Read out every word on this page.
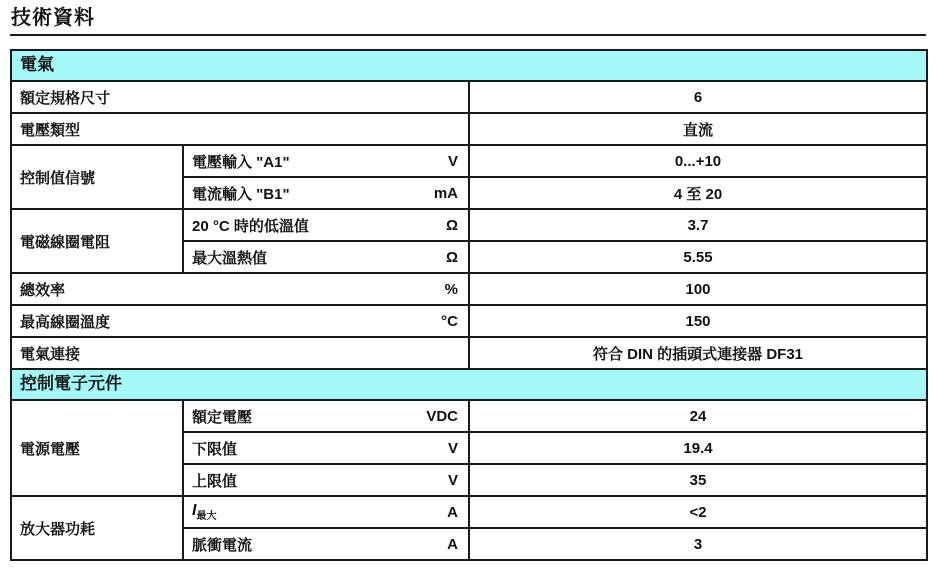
技術資料
電氣
額定規格尺寸	6
電壓類型	直流
控制值信號
電壓輸入 "A1"	V	0...+10
電流輸入 "B1"	mA	4 至 20
電磁線圈電阻
20 °C 時的低溫值	Ω	3.7
最大溫熱值	Ω	5.55
總效率	%	100
最高線圈溫度	°C	150
電氣連接	符合 DIN 的插頭式連接器 DF31
控制電子元件
電源電壓
額定電壓	VDC	24
下限值	V	19.4
上限值	V	35
放大器功耗
$I_{最大}$	A	<2
脈衝電流	A	3
